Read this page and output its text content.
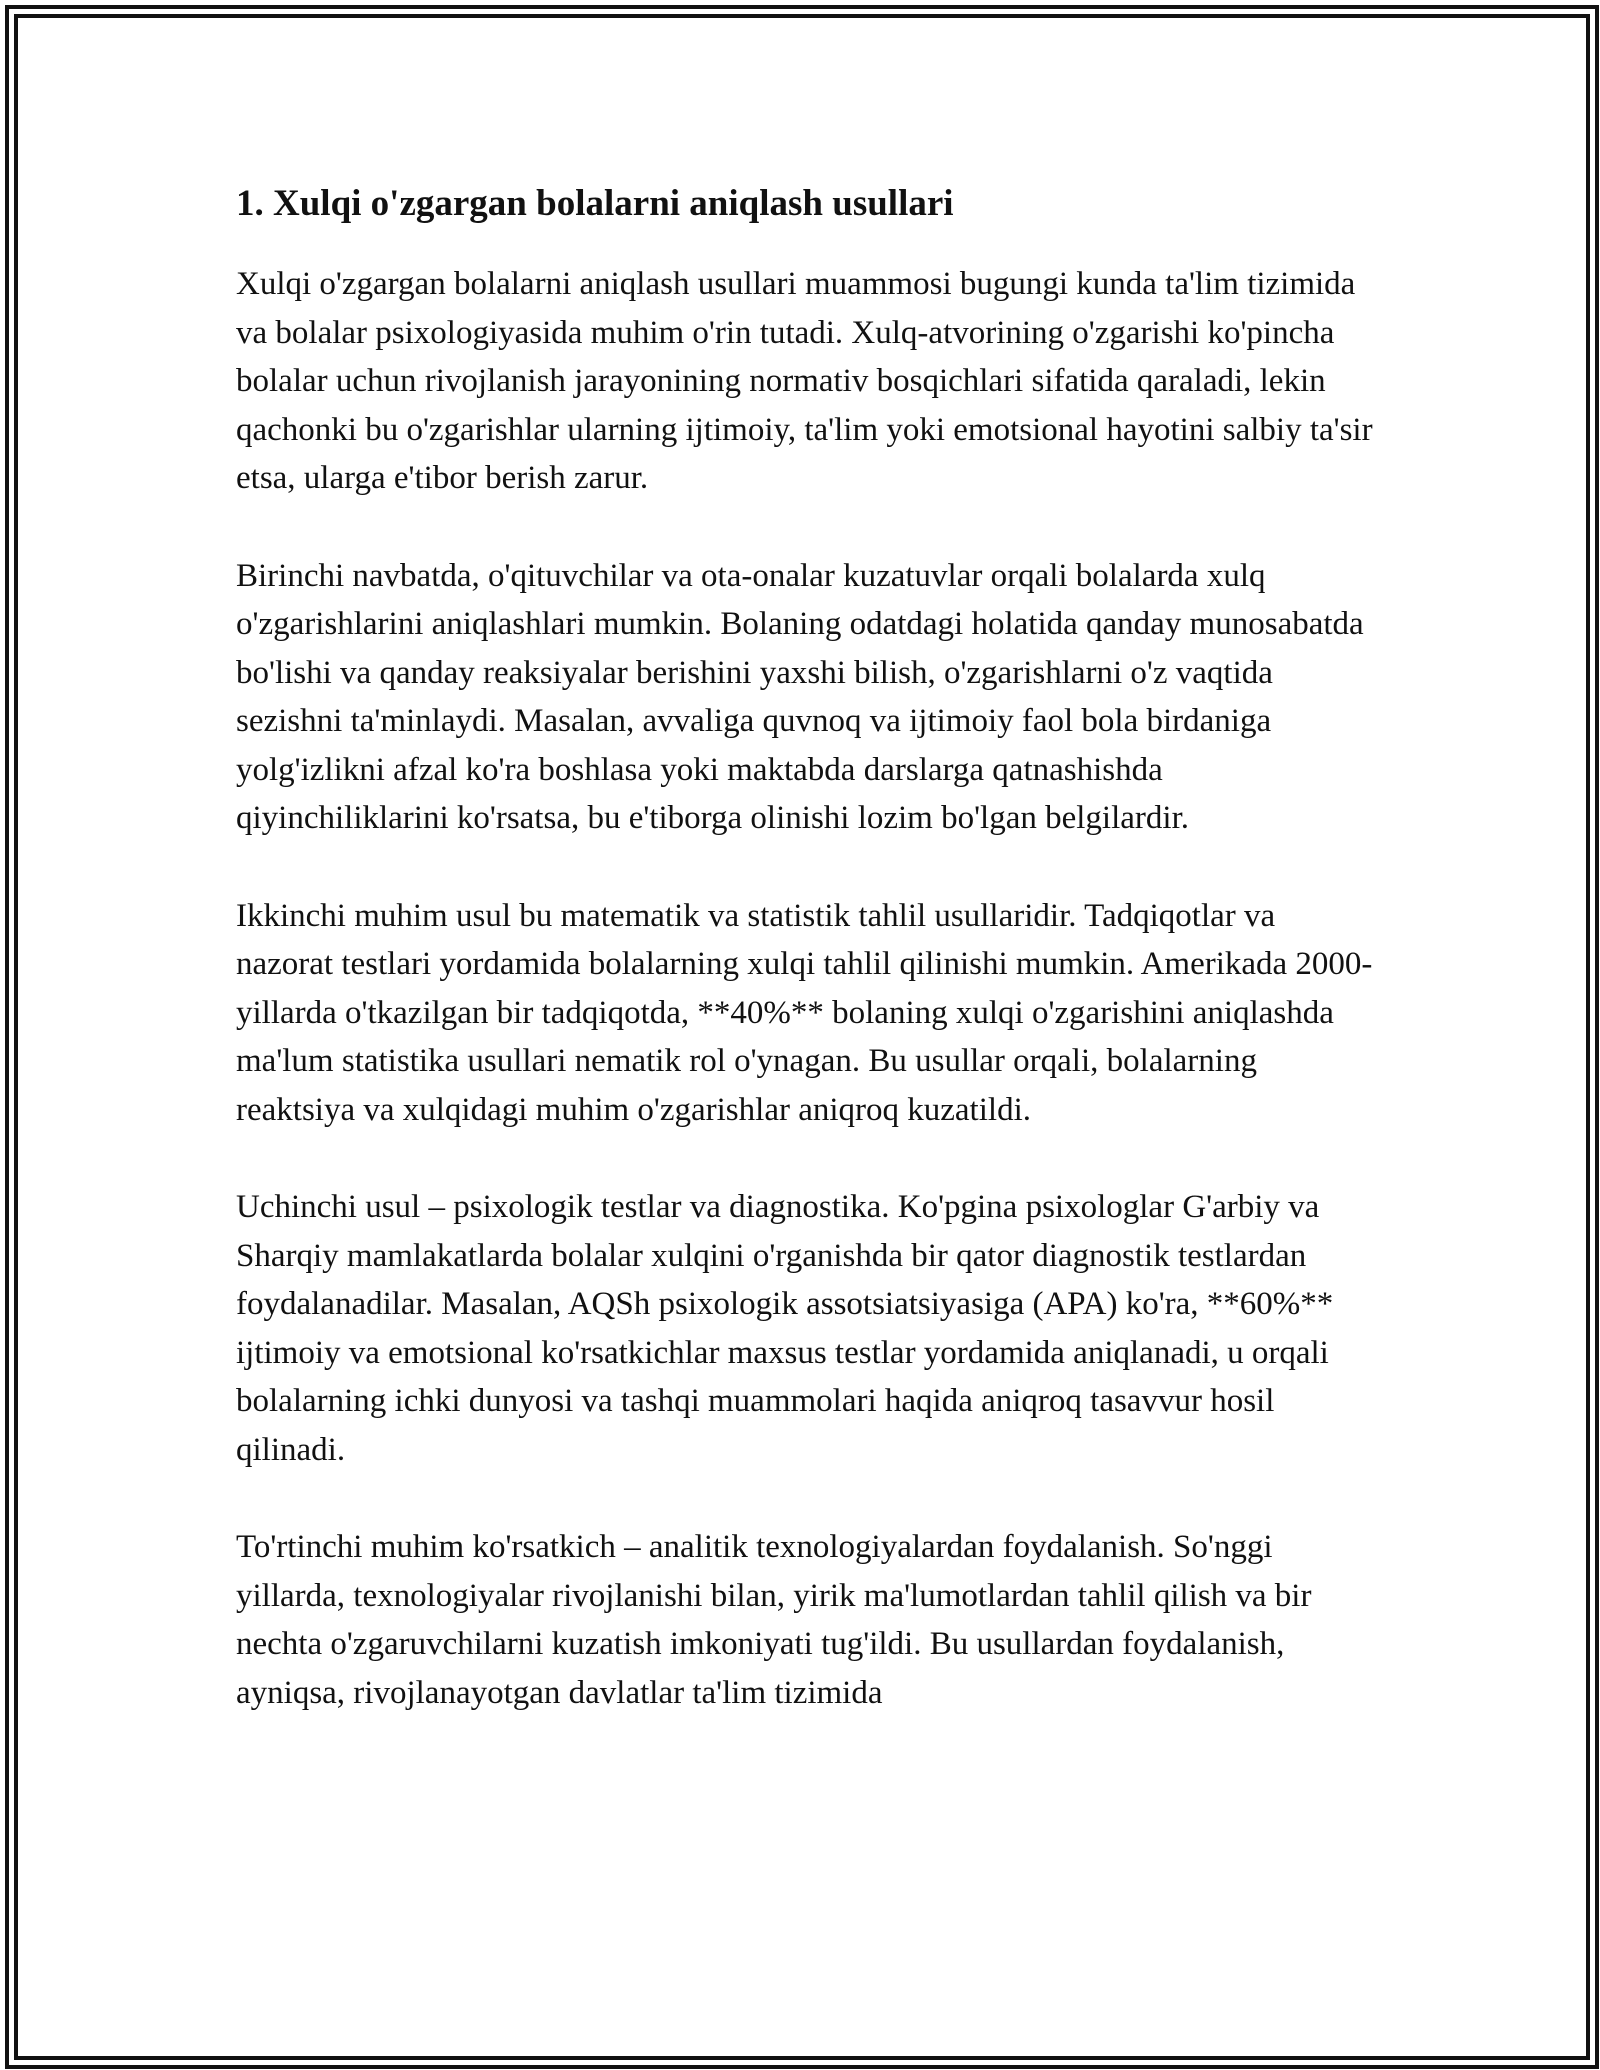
1. Xulqi o'zgargan bolalarni aniqlash usullari

Xulqi o'zgargan bolalarni aniqlash usullari muammosi bugungi kunda ta'lim tizimida va bolalar psixologiyasida muhim o'rin tutadi. Xulq-atvorining o'zgarishi ko'pincha bolalar uchun rivojlanish jarayonining normativ bosqichlari sifatida qaraladi, lekin qachonki bu o'zgarishlar ularning ijtimoiy, ta'lim yoki emotsional hayotini salbiy ta'sir etsa, ularga e'tibor berish zarur.

Birinchi navbatda, o'qituvchilar va ota-onalar kuzatuvlar orqali bolalarda xulq o'zgarishlarini aniqlashlari mumkin. Bolaning odatdagi holatida qanday munosabatda bo'lishi va qanday reaksiyalar berishini yaxshi bilish, o'zgarishlarni o'z vaqtida sezishni ta'minlaydi. Masalan, avvaliga quvnoq va ijtimoiy faol bola birdaniga yolg'izlikni afzal ko'ra boshlasa yoki maktabda darslarga qatnashishda qiyinchiliklarini ko'rsatsa, bu e'tiborga olinishi lozim bo'lgan belgilardir.

Ikkinchi muhim usul bu matematik va statistik tahlil usullaridir. Tadqiqotlar va nazorat testlari yordamida bolalarning xulqi tahlil qilinishi mumkin. Amerikada 2000-yillarda o'tkazilgan bir tadqiqotda, **40%** bolaning xulqi o'zgarishini aniqlashda ma'lum statistika usullari nematik rol o'ynagan. Bu usullar orqali, bolalarning reaktsiya va xulqidagi muhim o'zgarishlar aniqroq kuzatildi.

Uchinchi usul – psixologik testlar va diagnostika. Ko'pgina psixologlar G'arbiy va Sharqiy mamlakatlarda bolalar xulqini o'rganishda bir qator diagnostik testlardan foydalanadilar. Masalan, AQSh psixologik assotsiatsiyasiga (APA) ko'ra, **60%** ijtimoiy va emotsional ko'rsatkichlar maxsus testlar yordamida aniqlanadi, u orqali bolalarning ichki dunyosi va tashqi muammolari haqida aniqroq tasavvur hosil qilinadi.

To'rtinchi muhim ko'rsatkich – analitik texnologiyalardan foydalanish. So'nggi yillarda, texnologiyalar rivojlanishi bilan, yirik ma'lumotlardan tahlil qilish va bir nechta o'zgaruvchilarni kuzatish imkoniyati tug'ildi. Bu usullardan foydalanish, ayniqsa, rivojlanayotgan davlatlar ta'lim tizimida
